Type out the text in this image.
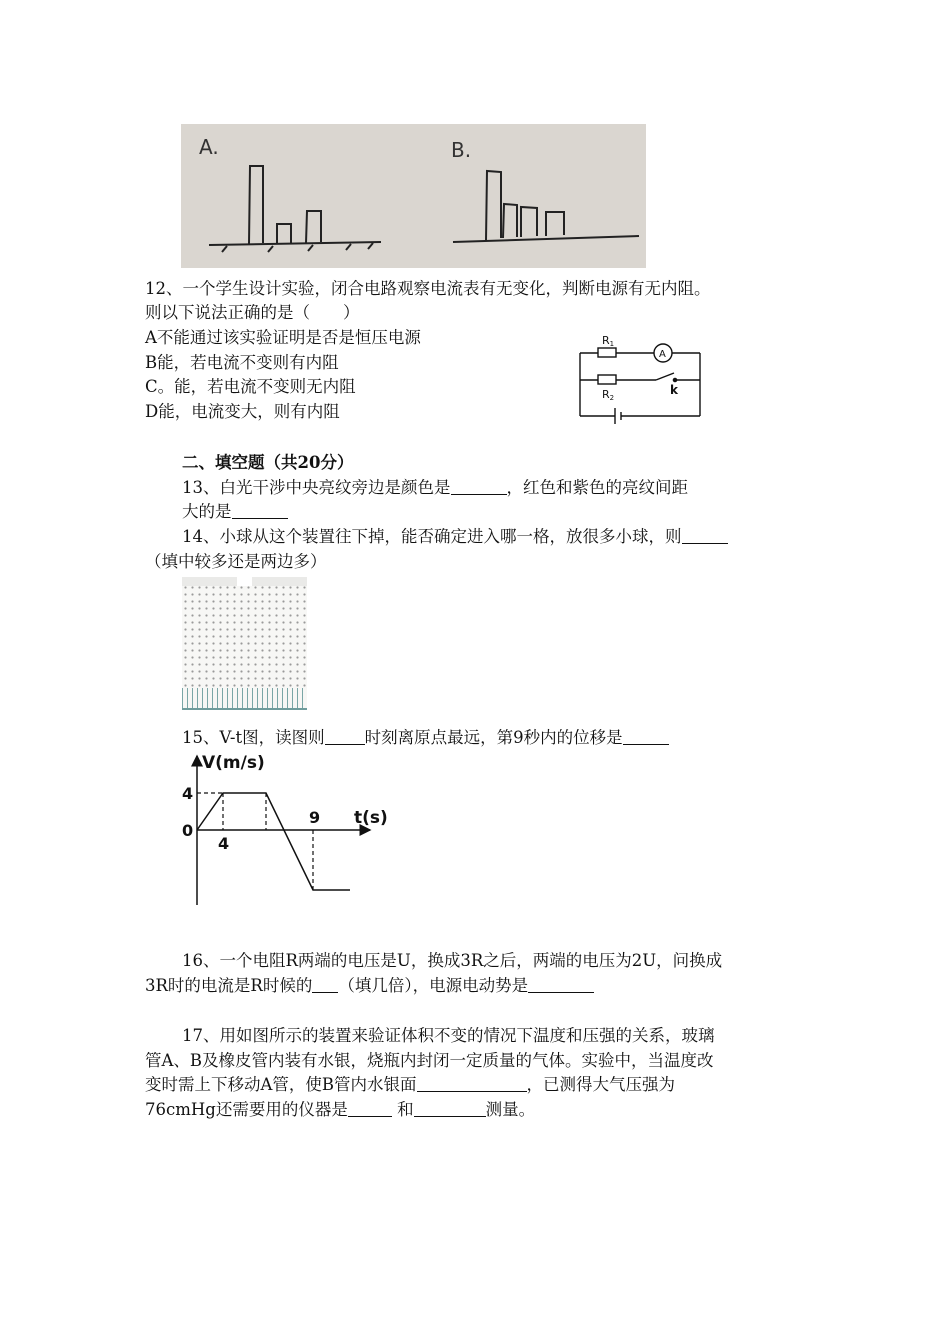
A.	B.
12、一个学生设计实验，闭合电路观察电流表有无变化，判断电源有无内阻。
则以下说法正确的是（　　）
A不能通过该实验证明是否是恒压电源
B能，若电流不变则有内阻
C。能，若电流不变则无内阻
D能，电流变大，则有内阻
R1
A
R2
k
二、填空题（共20分）
13、白光干涉中央亮纹旁边是颜色是	，红色和紫色的亮纹间距
大的是
14、小球从这个装置往下掉，能否确定进入哪一格，放很多小球，则
（填中较多还是两边多）
15、V-t图，读图则 时刻离原点最远，第9秒内的位移是
V(m/s)
t(s)
4
0
4
9
16、一个电阻R两端的电压是U，换成3R之后，两端的电压为2U，问换成
3R时的电流是R时候的 （填几倍），电源电动势是
17、用如图所示的装置来验证体积不变的情况下温度和压强的关系，玻璃
管A、B及橡皮管内装有水银，烧瓶内封闭一定质量的气体。实验中，当温度改
变时需上下移动A管，使B管内水银面	，已测得大气压强为
76cmHg还需要用的仪器是	和	测量。
